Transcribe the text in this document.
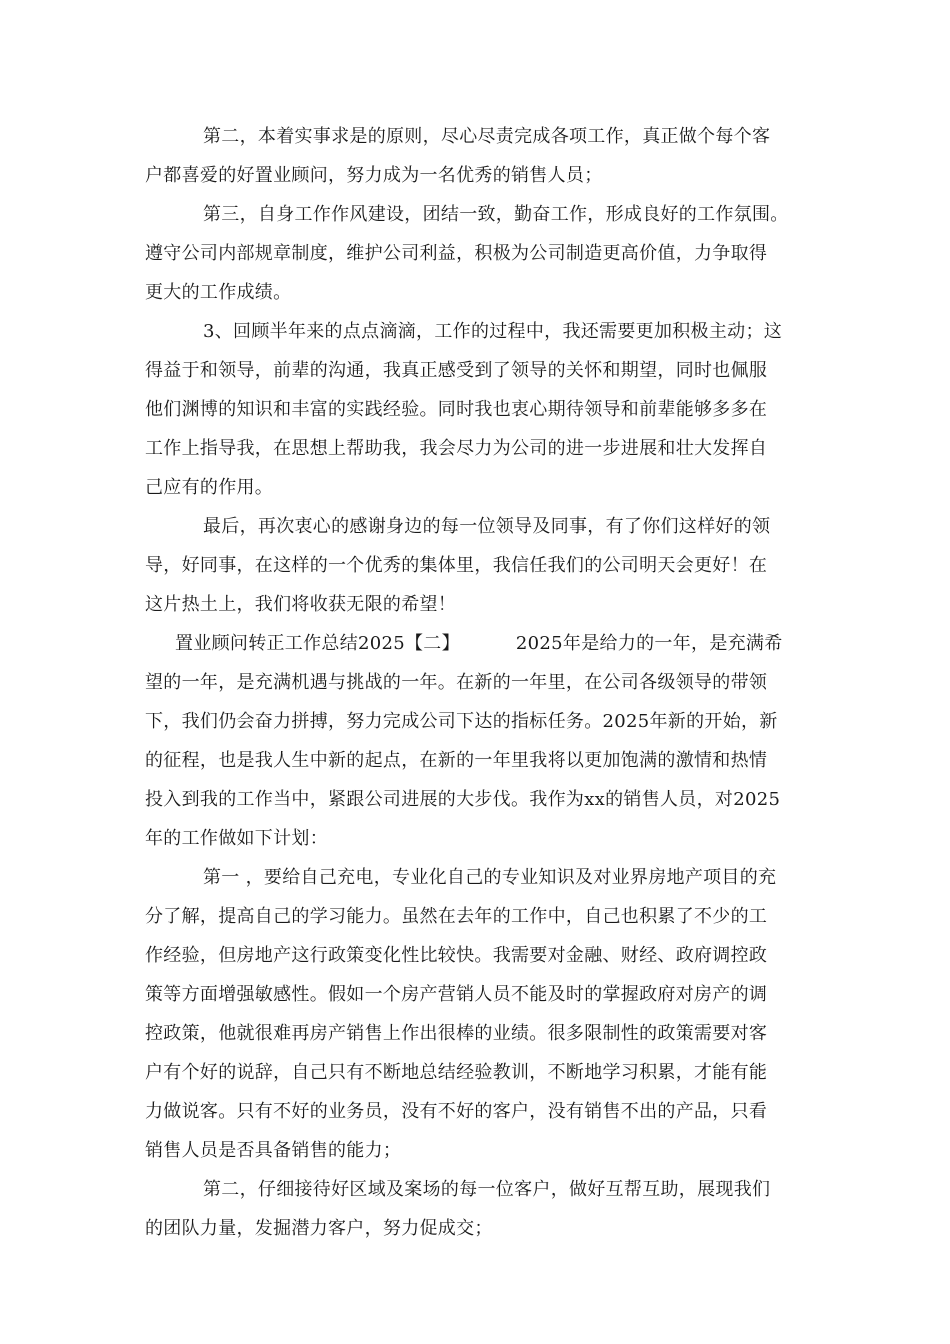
第二，本着实事求是的原则，尽心尽责完成各项工作，真正做个每个客
户都喜爱的好置业顾问，努力成为一名优秀的销售人员；
第三，自身工作作风建设，团结一致，勤奋工作，形成良好的工作氛围。
遵守公司内部规章制度，维护公司利益，积极为公司制造更高价值，力争取得
更大的工作成绩。
3、回顾半年来的点点滴滴，工作的过程中，我还需要更加积极主动；这
得益于和领导，前辈的沟通，我真正感受到了领导的关怀和期望，同时也佩服
他们渊博的知识和丰富的实践经验。同时我也衷心期待领导和前辈能够多多在
工作上指导我，在思想上帮助我，我会尽力为公司的进一步进展和壮大发挥自
己应有的作用。
最后，再次衷心的感谢身边的每一位领导及同事，有了你们这样好的领
导，好同事，在这样的一个优秀的集体里，我信任我们的公司明天会更好！在
这片热土上，我们将收获无限的希望！
置业顾问转正工作总结2025【二】	2025年是给力的一年，是充满希
望的一年，是充满机遇与挑战的一年。在新的一年里，在公司各级领导的带领
下，我们仍会奋力拼搏，努力完成公司下达的指标任务。2025年新的开始，新
的征程，也是我人生中新的起点，在新的一年里我将以更加饱满的激情和热情
投入到我的工作当中，紧跟公司进展的大步伐。我作为xx的销售人员，对2025
年的工作做如下计划：
第一 ，要给自己充电，专业化自己的专业知识及对业界房地产项目的充
分了解，提高自己的学习能力。虽然在去年的工作中，自己也积累了不少的工
作经验，但房地产这行政策变化性比较快。我需要对金融、财经、政府调控政
策等方面增强敏感性。假如一个房产营销人员不能及时的掌握政府对房产的调
控政策，他就很难再房产销售上作出很棒的业绩。很多限制性的政策需要对客
户有个好的说辞，自己只有不断地总结经验教训，不断地学习积累，才能有能
力做说客。只有不好的业务员，没有不好的客户，没有销售不出的产品，只看
销售人员是否具备销售的能力；
第二，仔细接待好区域及案场的每一位客户，做好互帮互助，展现我们
的团队力量，发掘潜力客户，努力促成交；
